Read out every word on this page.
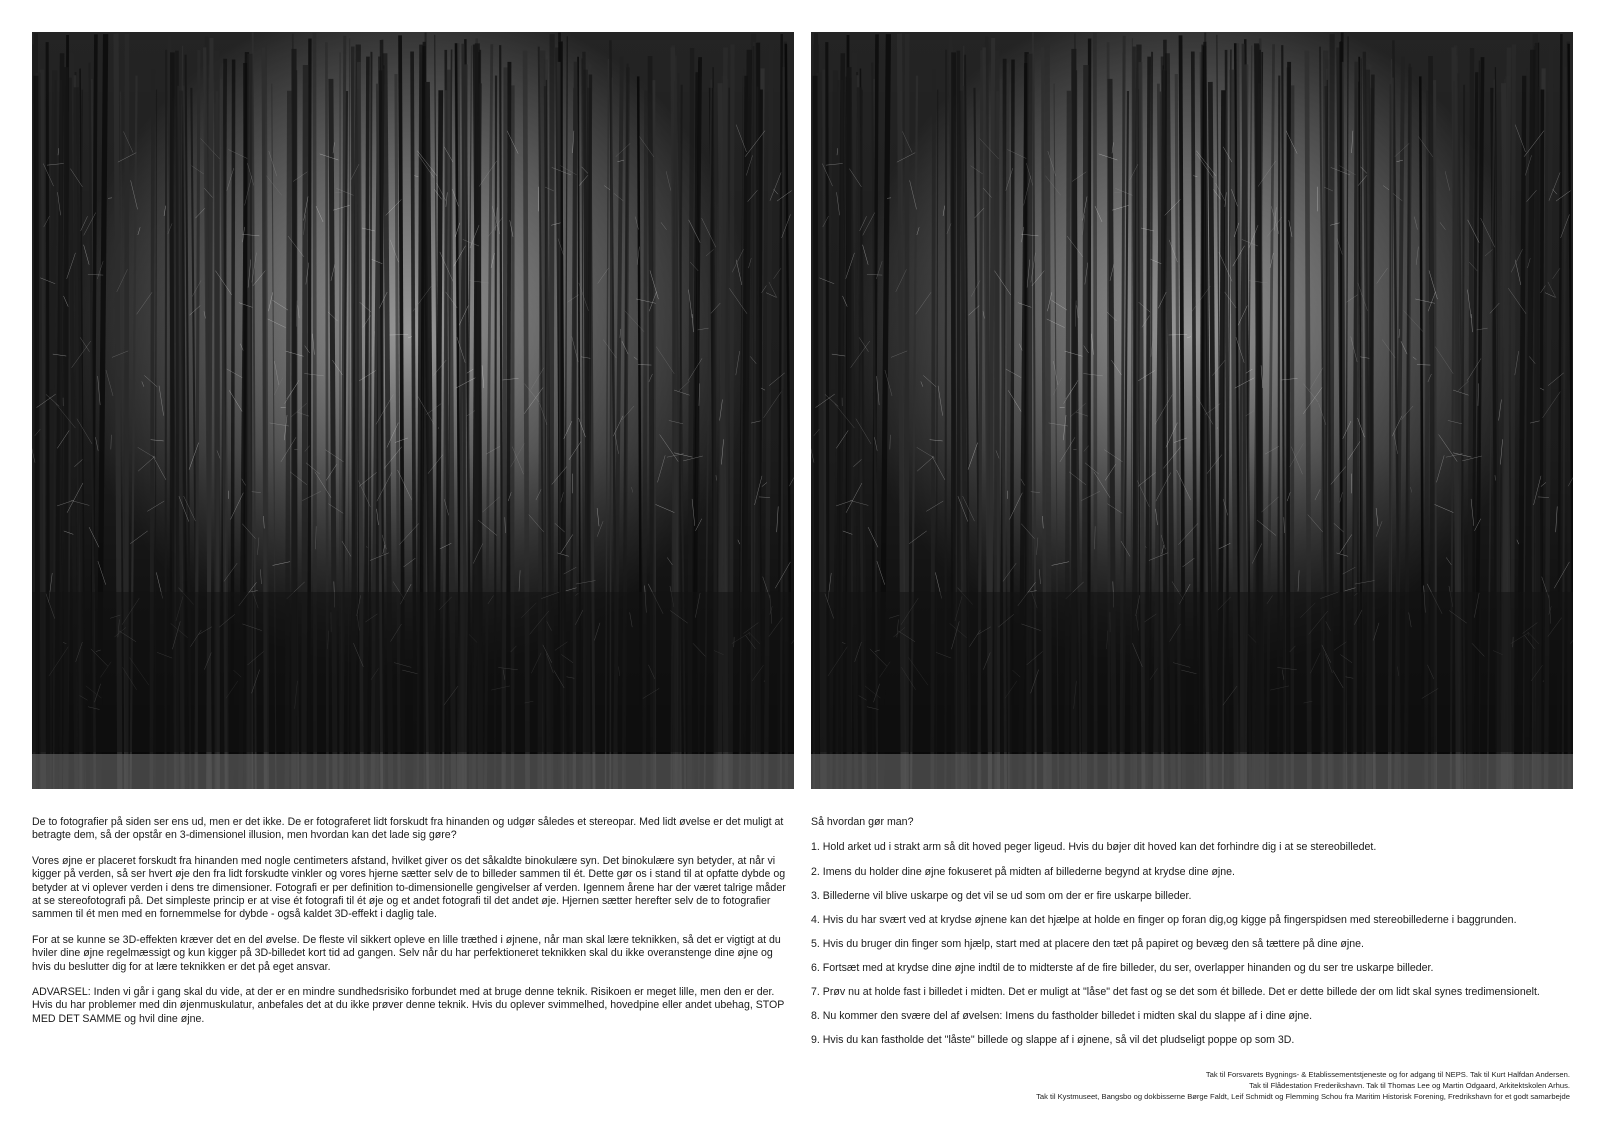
De to fotografier på siden ser ens ud, men er det ikke. De er fotograferet lidt forskudt fra hinanden og udgør således et stereopar. Med lidt øvelse er det muligt at betragte dem, så der opstår en 3-dimensionel illusion, men hvordan kan det lade sig gøre?

Vores øjne er placeret forskudt fra hinanden med nogle centimeters afstand, hvilket giver os det såkaldte binokulære syn. Det binokulære syn betyder, at når vi kigger på verden, så ser hvert øje den fra lidt forskudte vinkler og vores hjerne sætter selv de to billeder sammen til ét. Dette gør os i stand til at opfatte dybde og betyder at vi oplever verden i dens tre dimensioner. Fotografi er per definition to-dimensionelle gengivelser af verden. Igennem årene har der været talrige måder at se stereofotografi på. Det simpleste princip er at vise ét fotografi til ét øje og et andet fotografi til det andet øje. Hjernen sætter herefter selv de to fotografier sammen til ét men med en fornemmelse for dybde - også kaldet 3D-effekt i daglig tale.

For at se kunne se 3D-effekten kræver det en del øvelse. De fleste vil sikkert opleve en lille træthed i øjnene, når man skal lære teknikken, så det er vigtigt at du hviler dine øjne regelmæssigt og kun kigger på 3D-billedet kort tid ad gangen. Selv når du har perfektioneret teknikken skal du ikke overanstenge dine øjne og hvis du beslutter dig for at lære teknikken er det på eget ansvar.

ADVARSEL: Inden vi går i gang skal du vide, at der er en mindre sundhedsrisiko forbundet med at bruge denne teknik. Risikoen er meget lille, men den er der. Hvis du har problemer med din øjenmuskulatur, anbefales det at du ikke prøver denne teknik. Hvis du oplever svimmelhed, hovedpine eller andet ubehag, STOP MED DET SAMME og hvil dine øjne.

Så hvordan gør man?
1. Hold arket ud i strakt arm så dit hoved peger ligeud. Hvis du bøjer dit hoved kan det forhindre dig i at se stereobilledet.
2. Imens du holder dine øjne fokuseret på midten af billederne begynd at krydse dine øjne.
3. Billederne vil blive uskarpe og det vil se ud som om der er fire uskarpe billeder.
4. Hvis du har svært ved at krydse øjnene kan det hjælpe at holde en finger op foran dig,og kigge på fingerspidsen med stereobillederne i baggrunden.
5. Hvis du bruger din finger som hjælp, start med at placere den tæt på papiret og bevæg den så tættere på dine øjne.
6. Fortsæt med at krydse dine øjne indtil de to midterste af de fire billeder, du ser, overlapper hinanden og du ser tre uskarpe billeder.
7. Prøv nu at holde fast i billedet i midten. Det er muligt at "låse" det fast og se det som ét billede. Det er dette billede der om lidt skal synes tredimensionelt.
8. Nu kommer den svære del af øvelsen: Imens du fastholder billedet i midten skal du slappe af i dine øjne.
9. Hvis du kan fastholde det "låste" billede og slappe af i øjnene, så vil det pludseligt poppe op som 3D.
Tak til Forsvarets Bygnings- & Etablissementstjeneste og for adgang til NEPS. Tak til Kurt Halfdan Andersen.
Tak til Flådestation Frederikshavn. Tak til Thomas Lee og Martin Odgaard, Arkitektskolen Arhus.
Tak til Kystmuseet, Bangsbo og dokbisserne Børge Faldt, Leif Schmidt og Flemming Schou fra Maritim Historisk Forening, Fredrikshavn for et godt samarbejde
